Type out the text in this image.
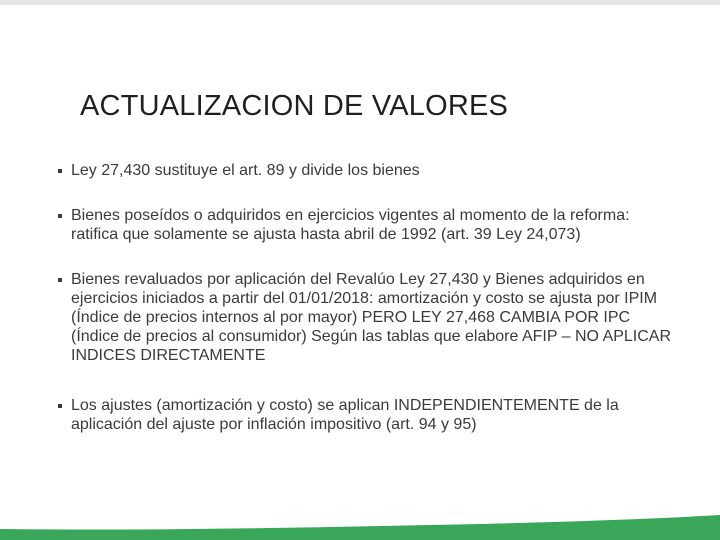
ACTUALIZACION DE VALORES
Ley 27,430 sustituye el art. 89 y divide los bienes
Bienes poseídos o adquiridos en ejercicios vigentes al momento de la reforma: ratifica que solamente se ajusta hasta abril de 1992 (art. 39 Ley 24,073)
Bienes revaluados por aplicación del Revalúo Ley 27,430 y Bienes adquiridos en ejercicios iniciados a partir del 01/01/2018: amortización y costo se ajusta por IPIM (Índice de precios internos al por mayor) PERO LEY 27,468 CAMBIA POR IPC (Índice de precios al consumidor) Según las tablas que elabore AFIP – NO APLICAR INDICES DIRECTAMENTE
Los ajustes (amortización y costo) se aplican INDEPENDIENTEMENTE de la aplicación del ajuste por inflación impositivo (art. 94 y 95)
